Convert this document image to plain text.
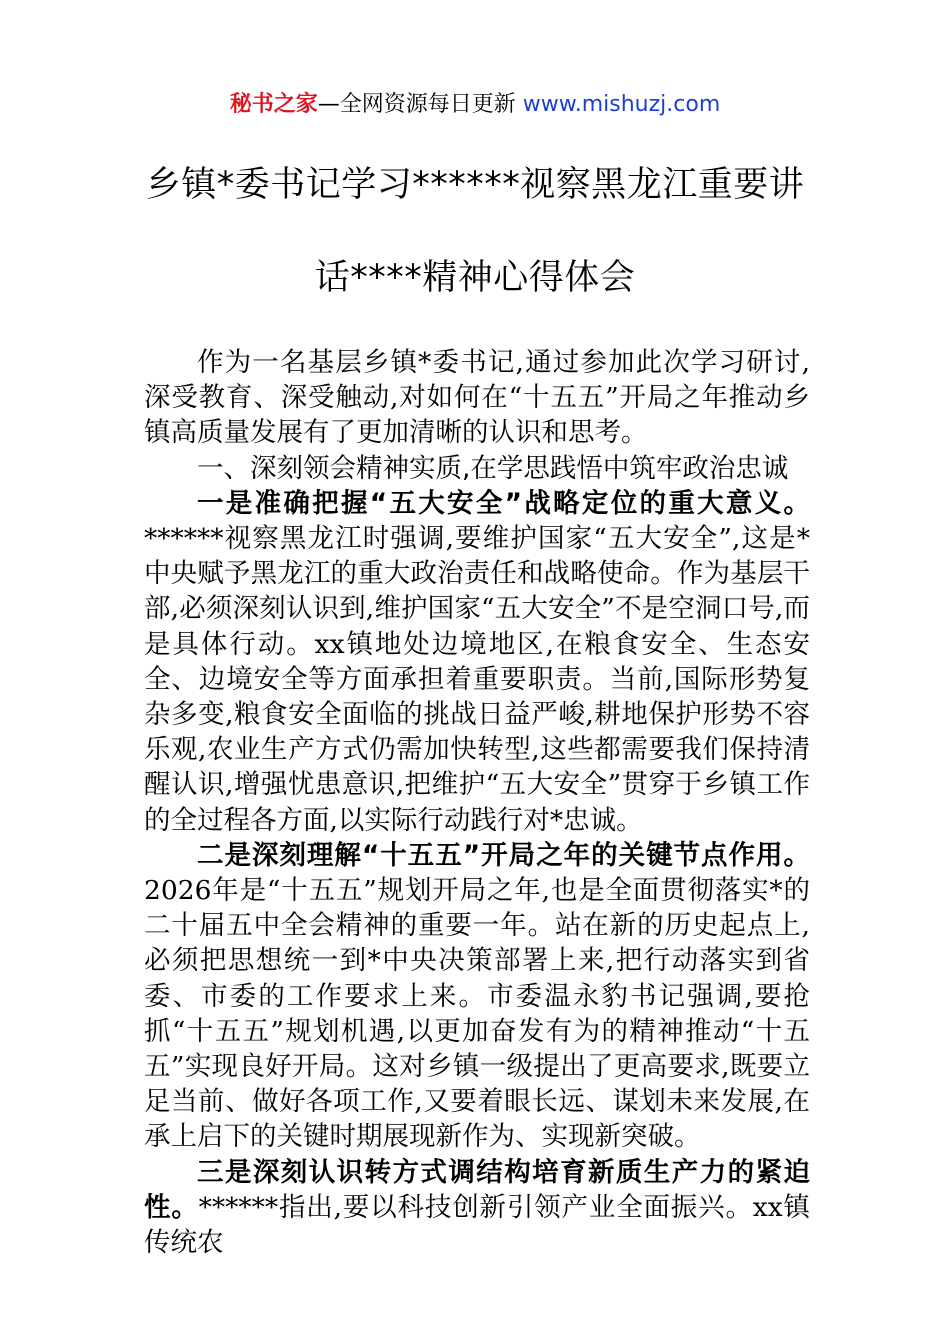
秘书之家—全网资源每日更新 www.mishuzj.com
乡镇*委书记学习******视察黑龙江重要讲
话****精神心得体会

作为一名基层乡镇*委书记,通过参加此次学习研讨,深受教育、深受触动,对如何在“十五五”开局之年推动乡镇高质量发展有了更加清晰的认识和思考。

一、深刻领会精神实质,在学思践悟中筑牢政治忠诚

一是准确把握“五大安全”战略定位的重大意义。******视察黑龙江时强调,要维护国家“五大安全”,这是*中央赋予黑龙江的重大政治责任和战略使命。作为基层干部,必须深刻认识到,维护国家“五大安全”不是空洞口号,而是具体行动。xx镇地处边境地区,在粮食安全、生态安全、边境安全等方面承担着重要职责。当前,国际形势复杂多变,粮食安全面临的挑战日益严峻,耕地保护形势不容乐观,农业生产方式仍需加快转型,这些都需要我们保持清醒认识,增强忧患意识,把维护“五大安全”贯穿于乡镇工作的全过程各方面,以实际行动践行对*忠诚。

二是深刻理解“十五五”开局之年的关键节点作用。2026年是“十五五”规划开局之年,也是全面贯彻落实*的二十届五中全会精神的重要一年。站在新的历史起点上,必须把思想统一到*中央决策部署上来,把行动落实到省委、市委的工作要求上来。市委温永豹书记强调,要抢抓“十五五”规划机遇,以更加奋发有为的精神推动“十五五”实现良好开局。这对乡镇一级提出了更高要求,既要立足当前、做好各项工作,又要着眼长远、谋划未来发展,在承上启下的关键时期展现新作为、实现新突破。

三是深刻认识转方式调结构培育新质生产力的紧迫性。******指出,要以科技创新引领产业全面振兴。xx镇传统农
